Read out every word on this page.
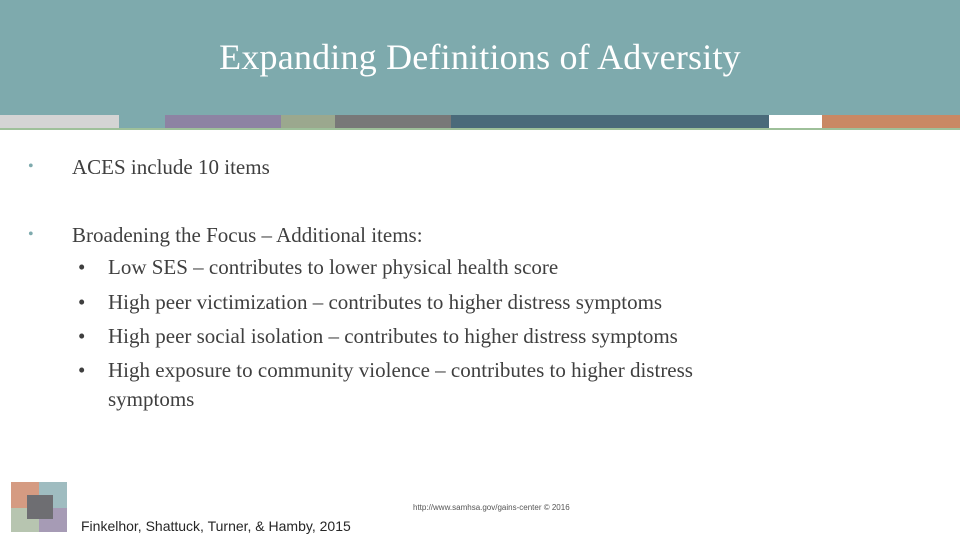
Expanding Definitions of Adversity
• ACES include 10 items
• Broadening the Focus – Additional items:
• Low SES – contributes to lower physical health score
• High peer victimization – contributes to higher distress symptoms
• High peer social isolation – contributes to higher distress symptoms
• High exposure to community violence – contributes to higher distress
symptoms
http://www.samhsa.gov/gains-center © 2016
Finkelhor, Shattuck, Turner, & Hamby, 2015
